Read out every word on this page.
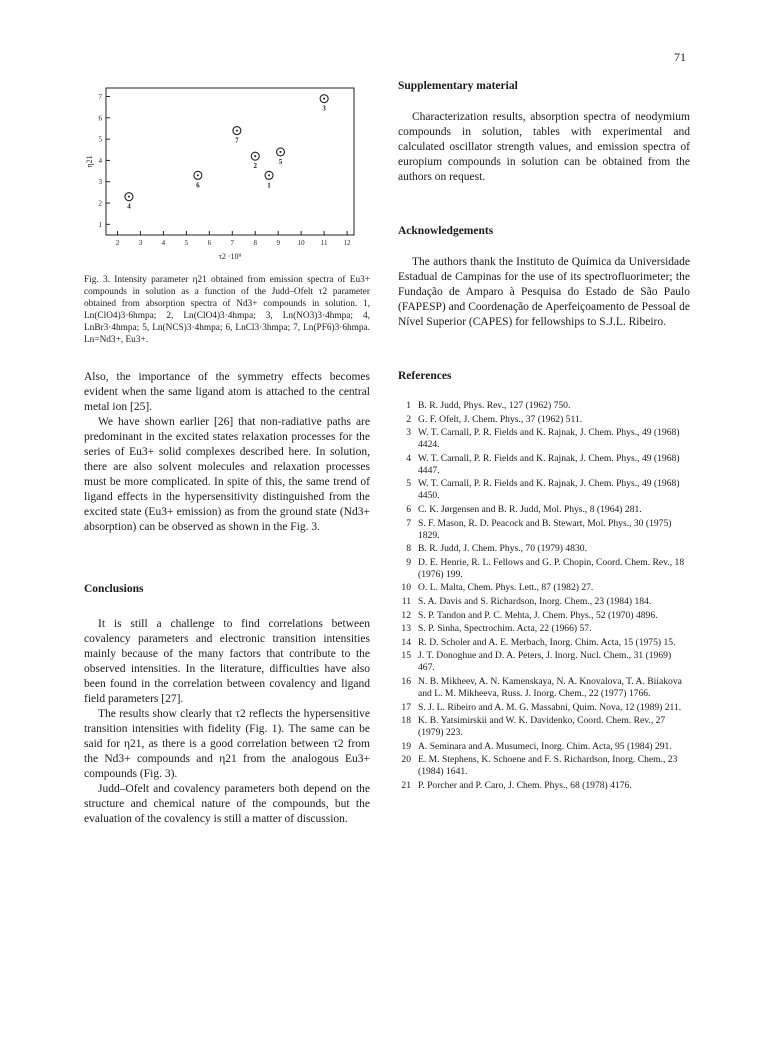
71
2	3	4	5	6	7	8	9	10 11 12
1
2
3
4
5
6
7
4
6
7
2
1
5
3
τ2 ·10⁹
η21

Fig. 3. Intensity parameter η21 obtained from emission spectra of Eu3+ compounds in solution as a function of the Judd–Ofelt τ2 parameter obtained from absorption spectra of Nd3+ compounds in solution. 1, Ln(ClO4)3·6hmpa; 2, Ln(ClO4)3·4hmpa; 3, Ln(NO3)3·4hmpa; 4, LnBr3·4hmpa; 5, Ln(NCS)3·4hmpa; 6, LnCl3·3hmpa; 7, Ln(PF6)3·6hmpa. Ln=Nd3+, Eu3+.

Also, the importance of the symmetry effects becomes evident when the same ligand atom is attached to the central metal ion [25].

We have shown earlier [26] that non-radiative paths are predominant in the excited states relaxation processes for the series of Eu3+ solid complexes described here. In solution, there are also solvent molecules and relaxation processes must be more complicated. In spite of this, the same trend of ligand effects in the hypersensitivity distinguished from the excited state (Eu3+ emission) as from the ground state (Nd3+ absorption) can be observed as shown in the Fig. 3.

Conclusions

It is still a challenge to find correlations between covalency parameters and electronic transition intensities mainly because of the many factors that contribute to the observed intensities. In the literature, difficulties have also been found in the correlation between covalency and ligand field parameters [27].

The results show clearly that τ2 reflects the hypersensitive transition intensities with fidelity (Fig. 1). The same can be said for η21, as there is a good correlation between τ2 from the Nd3+ compounds and η21 from the analogous Eu3+ compounds (Fig. 3).

Judd–Ofelt and covalency parameters both depend on the structure and chemical nature of the compounds, but the evaluation of the covalency is still a matter of discussion.

Supplementary material

Characterization results, absorption spectra of neodymium compounds in solution, tables with experimental and calculated oscillator strength values, and emission spectra of europium compounds in solution can be obtained from the authors on request.

Acknowledgements

The authors thank the Instituto de Química da Universidade Estadual de Campinas for the use of its spectrofluorimeter; the Fundação de Amparo à Pesquisa do Estado de São Paulo (FAPESP) and Coordenação de Aperfeiçoamento de Pessoal de Nível Superior (CAPES) for fellowships to S.J.L. Ribeiro.

References

1 B. R. Judd, Phys. Rev., 127 (1962) 750.
2 G. F. Ofelt, J. Chem. Phys., 37 (1962) 511.
3 W. T. Carnall, P. R. Fields and K. Rajnak, J. Chem. Phys., 49 (1968) 4424.
4 W. T. Carnall, P. R. Fields and K. Rajnak, J. Chem. Phys., 49 (1968) 4447.
5 W. T. Carnall, P. R. Fields and K. Rajnak, J. Chem. Phys., 49 (1968) 4450.
6 C. K. Jørgensen and B. R. Judd, Mol. Phys., 8 (1964) 281.
7 S. F. Mason, R. D. Peacock and B. Stewart, Mol. Phys., 30 (1975) 1829.
8 B. R. Judd, J. Chem. Phys., 70 (1979) 4830.
9 D. E. Henrie, R. L. Fellows and G. P. Chopin, Coord. Chem. Rev., 18 (1976) 199.
10 O. L. Malta, Chem. Phys. Lett., 87 (1982) 27.
11 S. A. Davis and S. Richardson, Inorg. Chem., 23 (1984) 184.
12 S. P. Tandon and P. C. Mehta, J. Chem. Phys., 52 (1970) 4896.
13 S. P. Sinha, Spectrochim. Acta, 22 (1966) 57.
14 R. D. Scholer and A. E. Merbach, Inorg. Chim. Acta, 15 (1975) 15.
15 J. T. Donoghue and D. A. Peters, J. Inorg. Nucl. Chem., 31 (1969) 467.
16 N. B. Mikheev, A. N. Kamenskaya, N. A. Knovalova, T. A. Biiakova and L. M. Mikheeva, Russ. J. Inorg. Chem., 22 (1977) 1766.
17 S. J. L. Ribeiro and A. M. G. Massabni, Quim. Nova, 12 (1989) 211.
18 K. B. Yatsimirskii and W. K. Davidenko, Coord. Chem. Rev., 27 (1979) 223.
19 A. Seminara and A. Musumeci, Inorg. Chim. Acta, 95 (1984) 291.
20 E. M. Stephens, K. Schoene and F. S. Richardson, Inorg. Chem., 23 (1984) 1641.
21 P. Porcher and P. Caro, J. Chem. Phys., 68 (1978) 4176.
